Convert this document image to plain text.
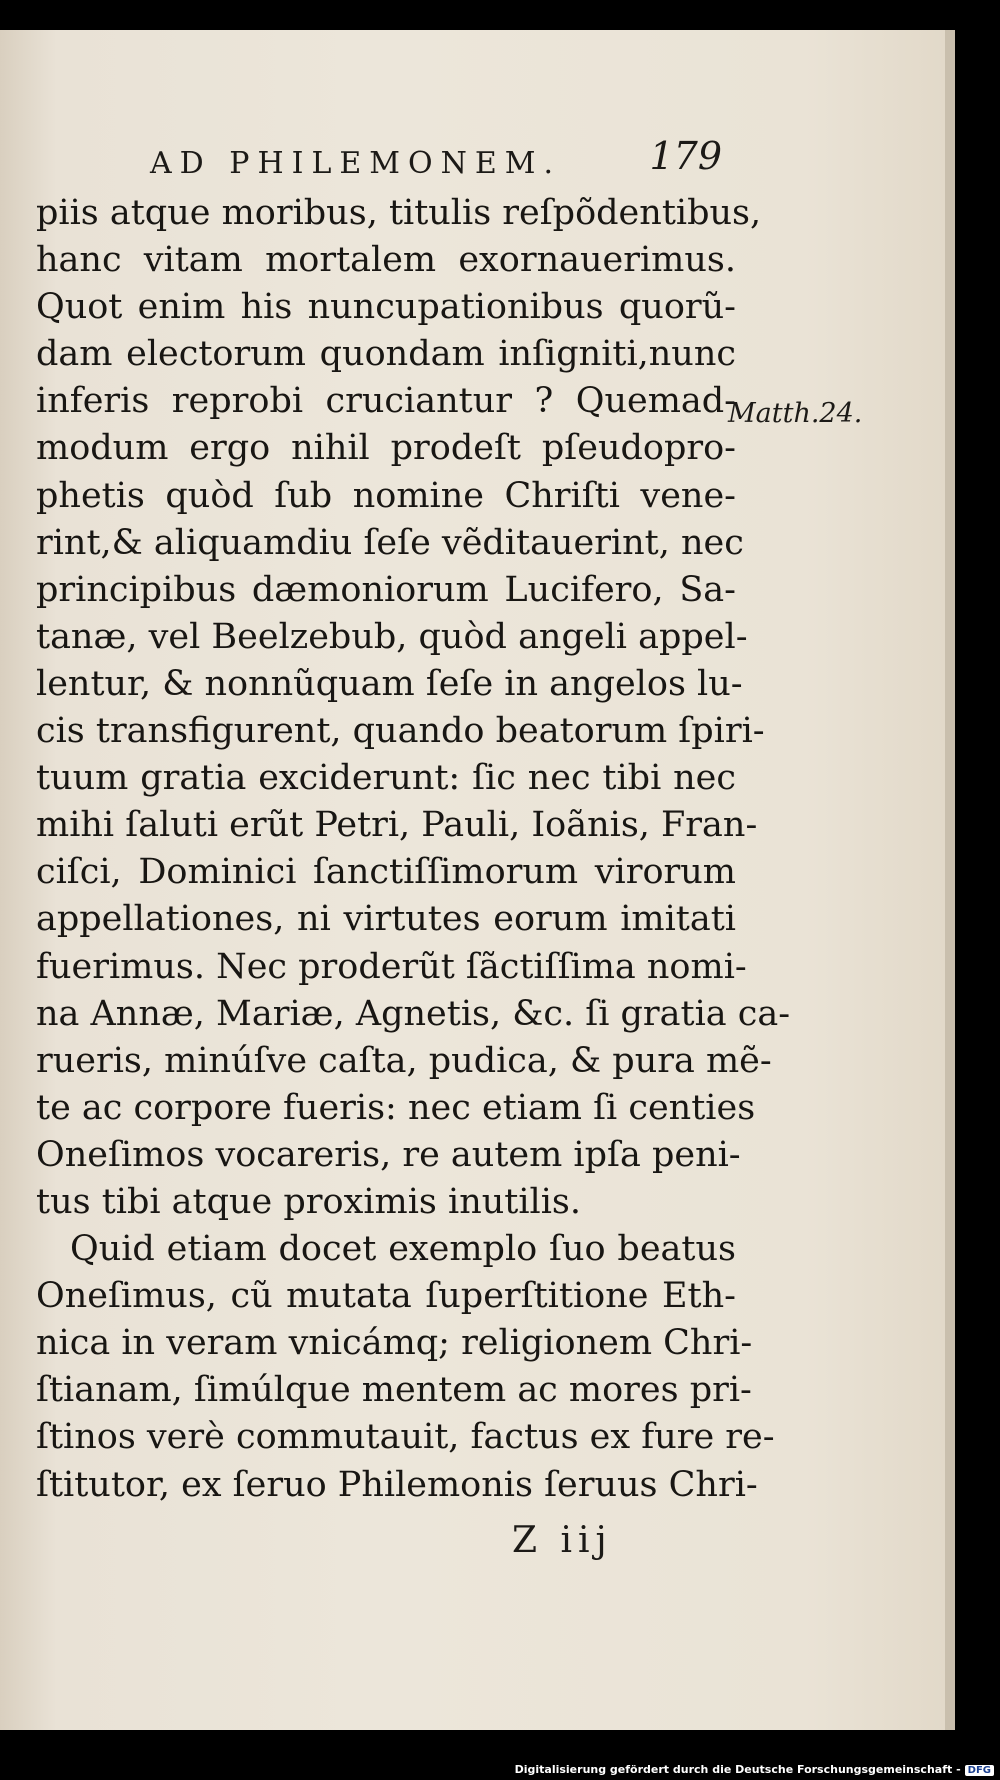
AD PHILEMONEM. 179
piis atque moribus, titulis reſpõdentibus,
hanc vitam mortalem exornauerimus.
Quot enim his nuncupationibus quorũ-
dam electorum quondam inſigniti,nunc
inferis reprobi cruciantur ? Quemad-
modum ergo nihil prodeſt pſeudopro-
phetis quòd ſub nomine Chriſti vene-
rint,& aliquamdiu ſeſe vẽditauerint, nec
principibus dæmoniorum Lucifero, Sa-
tanæ, vel Beelzebub, quòd angeli appel-
lentur, & nonnũquam ſeſe in angelos lu-
cis transfigurent, quando beatorum ſpiri-
tuum gratia exciderunt: ſic nec tibi nec
mihi ſaluti erũt Petri, Pauli, Ioãnis, Fran-
ciſci, Dominici ſanctiſſimorum virorum
appellationes, ni virtutes eorum imitati
fuerimus. Nec proderũt ſãctiſſima nomi-
na Annæ, Mariæ, Agnetis, &c. ſi gratia ca-
rueris, minúſve caſta, pudica, & pura mẽ-
te ac corpore fueris: nec etiam ſi centies
Oneſimos vocareris, re autem ipſa peni-
tus tibi atque proximis inutilis.
Quid etiam docet exemplo ſuo beatus
Oneſimus, cũ mutata ſuperſtitione Eth-
nica in veram vnicámq; religionem Chri-
ſtianam, ſimúlque mentem ac mores pri-
ſtinos verè commutauit, factus ex fure re-
ſtitutor, ex ſeruo Philemonis ſeruus Chri-
Matth.24.
Z iij
Digitalisierung gefördert durch die Deutsche Forschungsgemeinschaft - DFG
